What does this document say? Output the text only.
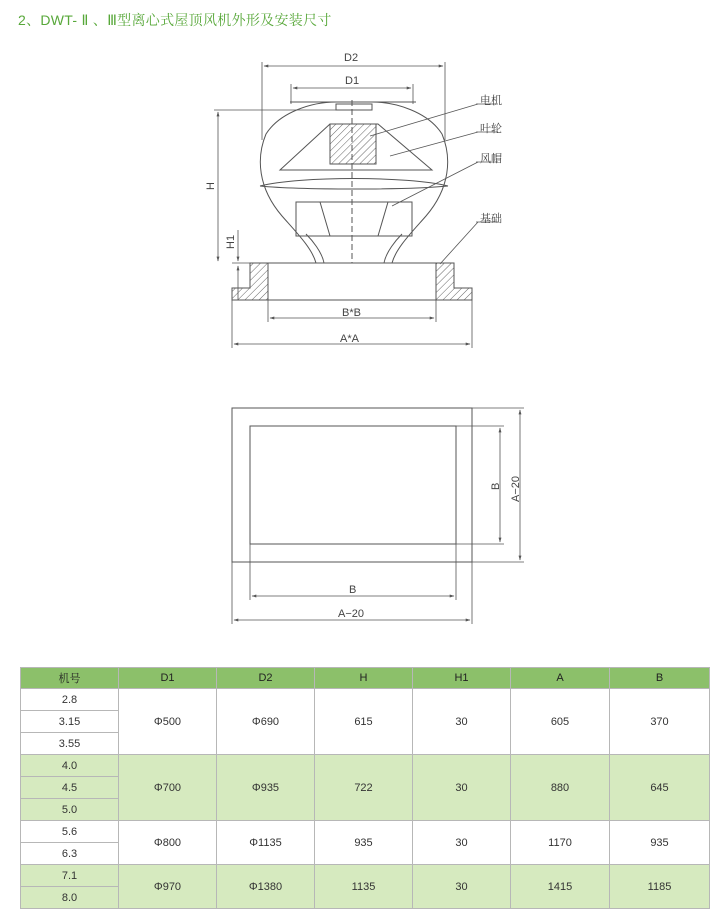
2、DWT- Ⅱ 、Ⅲ型离心式屋顶风机外形及安装尺寸
D2
D1
H
H1
B*B
A*A
电机
叶轮
风帽
基础
B
A−20
B A−20
机号	D1	D2	H	H1	A	B
2.8	Φ500	Φ690	615	30	605	370
3.15						
3.55						
4.0	Φ700	Φ935	722	30	880	645
4.5						
5.0						
5.6	Φ800	Φ1135	935	30	1170	935
6.3						
7.1	Φ970	Φ1380	1135	30	1415	1185
8.0						
